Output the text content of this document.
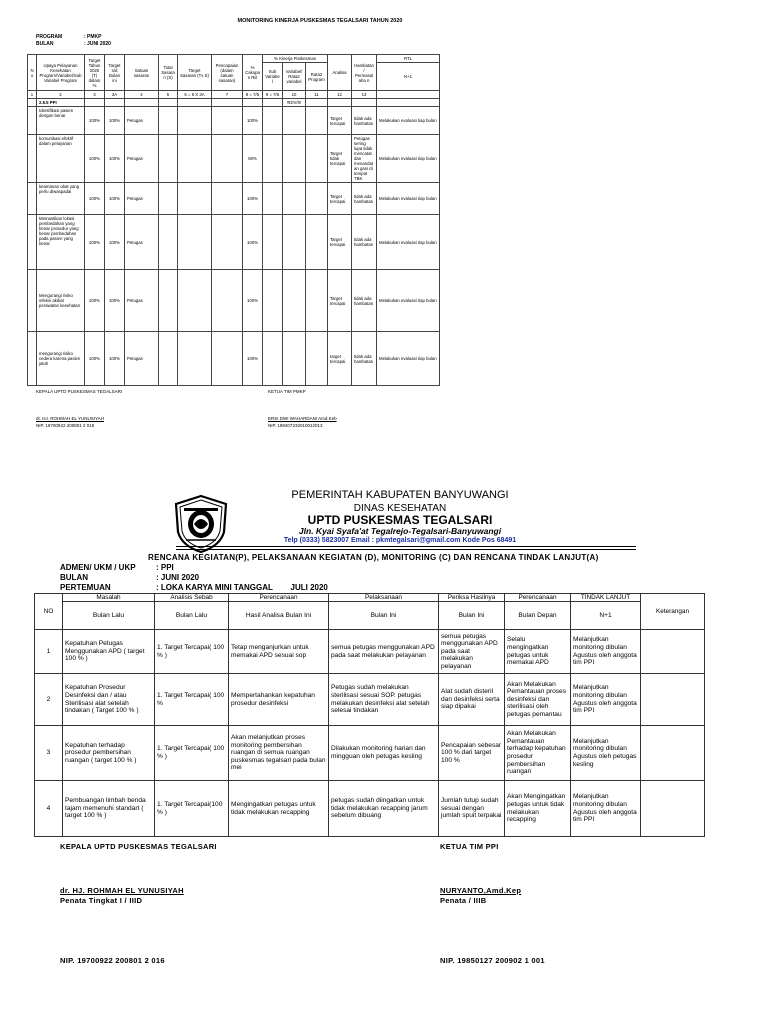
MONITORING KINERJA PUSKESMAS TEGALSARI TAHUN 2020
PROGRAM	: PMKP
BULAN	: JUNI 2020
No	Upaya Pelayanan Kesehatan Program/Variabel/Sub Variabel Program	Target Tahun 2020 (T) dalam %	Target s/d Bulan ini	Satuan sasaran	Total Sasaran (S)	Target Sasaran (Tx S)	Pencapaian (dalam satuan sasaran)	% Cakupan Riil	% Kinerja Puskesmas			Analisa	Hambatan / Permasalaha n	RTL
									Sub Variabel	Variabel/ Rata2 variabel	Rata2 Program			N+1

1	2	3	3A	4	5	6 = 5 X 3A	7	8 = 7/5	9 = 7/6	10	11	12	13	
	2.5.5 PPI									#DIV/0!				
	Identifikasi pasien dengan benar	100%	100%	Petugas				100%				Target tercapai	tidak ada hambatan	Melakukan evaluasi tiap bulan
	komunikasi efektif dalam pelayanan	100%	100%	Petugas				80%				Target tidak tercapai	Petugas sering lupa tidak mencatat dan menandatan gani di tempat TBK	Melakukan evaluasi tiap bulan
	keamanan obat yang perlu diwaspadai	100%	100%	Petugas				100%				Target tercapai	tidak ada hambatan	Melakukan evaluasi tiap bulan
	Memastikan lokasi pembedahan yang benar prosedur yang benar pembedahan pada pasien yang benar	100%	100%	Petugas				100%				Target tercapai	tidak ada hambatan	Melakukan evaluasi tiap bulan
	Mengurangi risiko infeksi akibat perawatan kesehatan	100%	100%	Petugas				100%				Target tercapai	tidak ada hambatan	Melakukan evaluasi tiap bulan
	mengurangi risiko cedera karena pasien jatuh	100%	100%	Petugas				100%				target tercapai	tidak ada hambatan	Melakukan evaluasi tiap bulan
KEPALA UPTD PUSKESMAS TEGALSARI	KETUA TIM PMKP
dr. HJ. ROHMAH EL YUNUSIYAH
NIP. 19700922 200801 2 016
ERSI DWI WAHARDANI Amd.Keb
NIP. 198407232010012013
PEMERINTAH KABUPATEN BANYUWANGI
DINAS KESEHATAN
UPTD PUSKESMAS TEGALSARI
Jln. Kyai Syafa'at Tegalrejo-Tegalsari-Banyuwangi
Telp (0333) 5823007 Email : pkmtegalsari@gmail.com Kode Pos 68491
RENCANA KEGIATAN(P), PELAKSANAAN KEGIATAN (D), MONITORING (C) DAN RENCANA TINDAK LANJUT(A)
ADMEN/ UKM / UKP	: PPI
BULAN	: JUNI 2020
PERTEMUAN	: LOKA KARYA MINI TANGGAL        JULI 2020
NO	Masalah	Analisis Sebab	Perencanaan	Pelaksanaan	Periksa Hasilnya	Perencanaan	TINDAK LANJUT	Keterangan
	Bulan Lalu	Bulan Lalu	Hasil Analisa Bulan Ini	Bulan Ini	Bulan Ini	Bulan Depan	N+1	
1	Kepatuhan Petugas Menggunakan APD ( target 100 % )	1. Target Tercapai( 100 % )	Tetap menganjurkan untuk memakai APD sesuai sop	semua petugas menggunakan APD pada saat melakukan pelayanan	semua petugas menggunakan APD pada saat melakukan pelayanan	Selalu mengingatkan petugas untuk memakai APD	Melanjutkan monitoring dibulan Agustus oleh anggota tim PPI	
2	Kepatuhan Prosedur Desinfeksi dan / atau Sterilisasi alat setelah tindakan ( Target 100 % )	1. Target Tercapai( 100 %	Mempertahankan kepatuhan prosedur desinfeksi	Petugas sudah melakukan sterilisasi sesuai SOP. petugas melakukan desinfeksi alat setelah selesai tindakan	Alat sudah disteril dan desinfeksi serta siap dipakai	Akan Melakukan Pemantauan proses desinfeksi dan sterilisasi oleh petugas pemantau	Melanjutkan monitoring dibulan Agustus oleh anggota tim PPI	
3	Kepatuhan terhadap prosedur pembersihan ruangan ( target 100 % )	1. Target Tercapai( 100 % )	Akan melanjutkan proses monitoring pembersihan ruangan di semua ruangan puskesmas tegalsari pada bulan mei	Dilakukan monitoring harian dan mingguan oleh petugas kesling	Pencapaian sebesar 100 % dari target 100 %	Akan Melakukan Pemantauan terhadap kepatuhan prosedur pembersihan ruangan	Melanjutkan monitoring dibulan Agustus oleh petugas kesling	
4	Pembuangan limbah benda tajam memenuhi standart ( target 100 % )	1. Target Tercapai(100 % )	Mengingatkan petugas untuk tidak melakukan recapping	petugas sudah diingatkan untuk tidak melakukan recapping jarum sebelum dibuang	Jumlah tutup sudah sesuai dengan jumlah spuit terpakai	Akan Mengingatkan petugas untuk tidak melakukan recapping	Melanjutkan monitoring dibulan Agustus oleh anggota tim PPI	
KEPALA UPTD PUSKESMAS TEGALSARI	KETUA TIM PPI
dr. HJ. ROHMAH EL YUNUSIYAH
Penata Tingkat I / IIID
NURYANTO,Amd.Kep
Penata / IIIB
NIP. 19700922 200801 2 016	NIP. 19850127 200902 1 001
